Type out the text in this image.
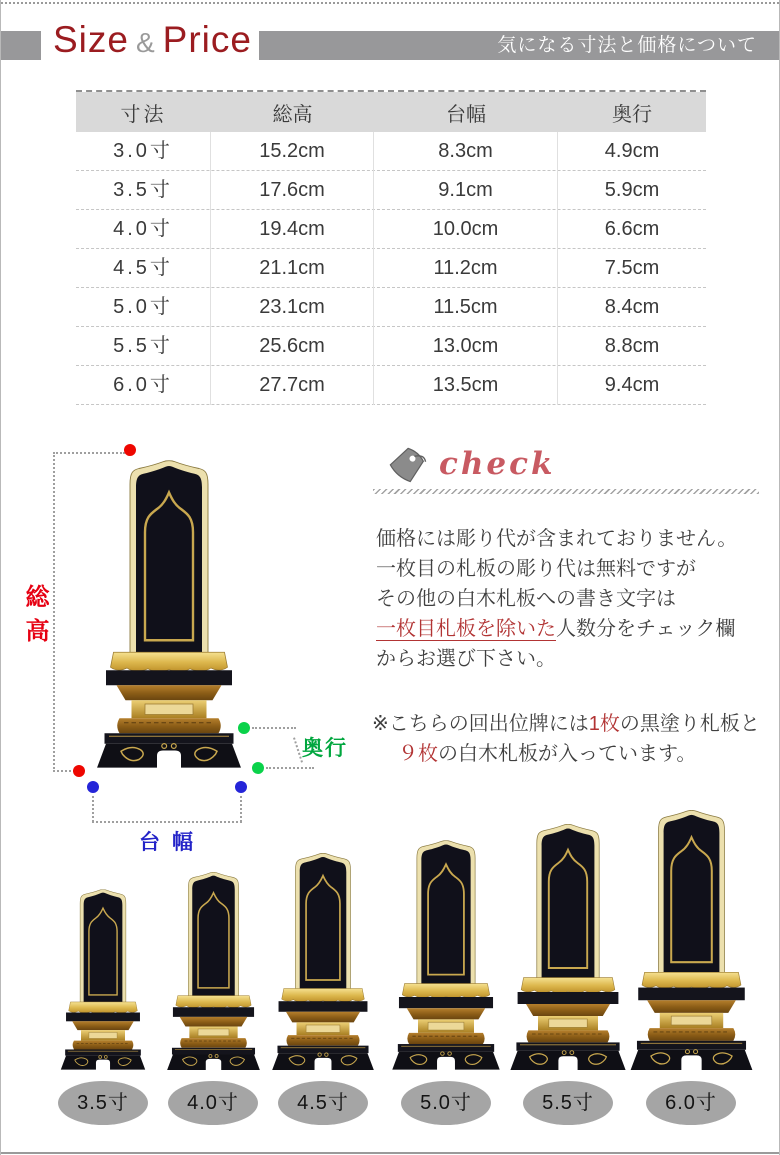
気になる寸法と価格について
Size & Price
寸法	総高	台幅	奥行
3.0寸	15.2cm	8.3cm	4.9cm
3.5寸	17.6cm	9.1cm	5.9cm
4.0寸	19.4cm	10.0cm	6.6cm
4.5寸	21.1cm	11.2cm	7.5cm
5.0寸	23.1cm	11.5cm	8.4cm
5.5寸	25.6cm	13.0cm	8.8cm
6.0寸	27.7cm	13.5cm	9.4cm
総高
奥行
台幅
check
価格には彫り代が含まれておりません。
一枚目の札板の彫り代は無料ですが
その他の白木札板への書き文字は
一枚目札板を除いた人数分をチェック欄
からお選び下さい。
※こちらの回出位牌には1枚の黒塗り札板と
９枚の白木札板が入っています。
3.5寸	4.0寸	4.5寸	5.0寸	5.5寸	6.0寸
